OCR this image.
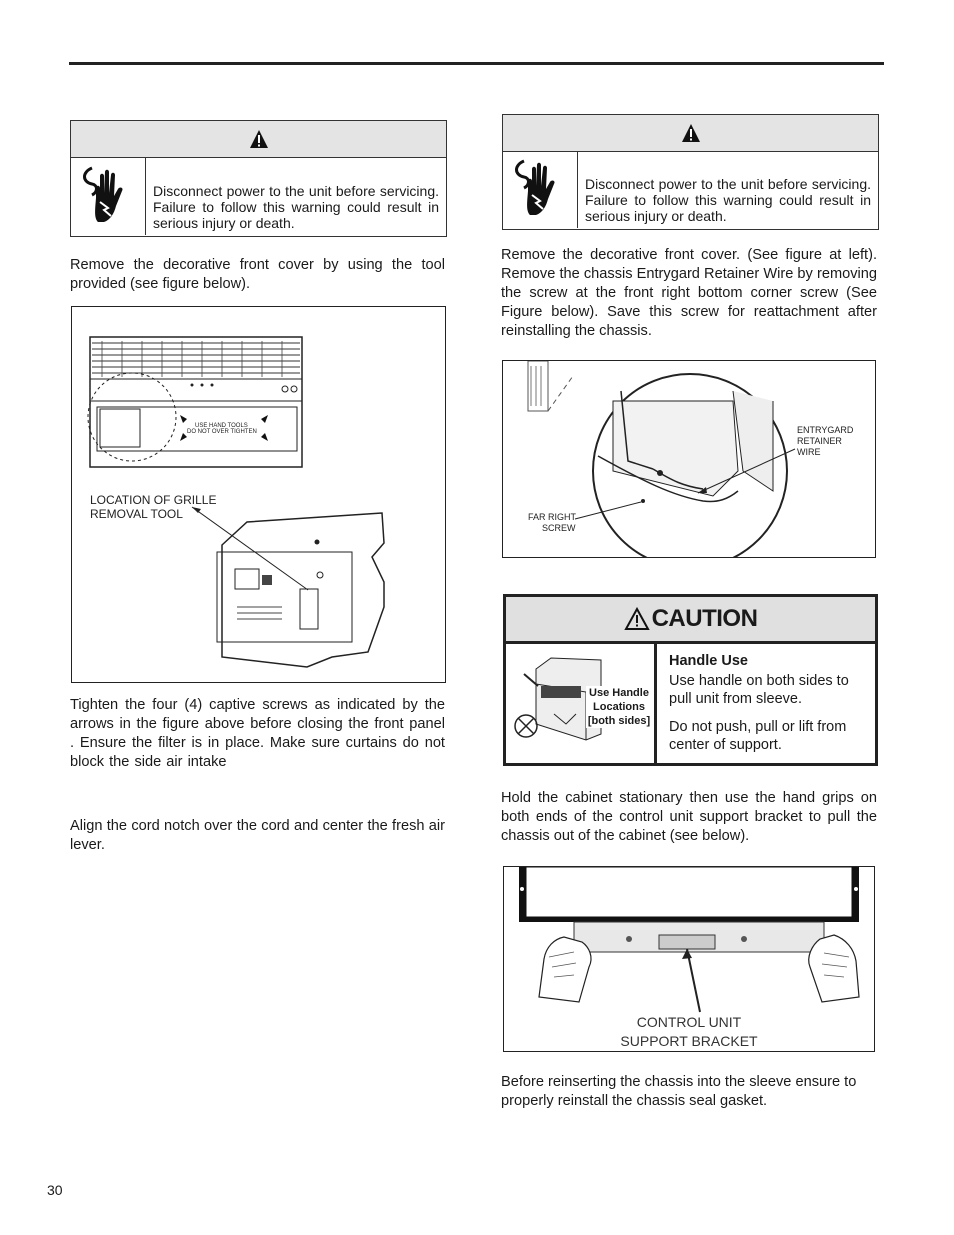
Disconnect power to the unit before servicing. Failure to follow this warning could result in serious injury or death.
Remove the decorative front cover by using the tool provided (see figure below).
USE HAND TOOLS
DO NOT OVER TIGHTEN
LOCATION OF GRILLE
REMOVAL TOOL
Tighten the four (4) captive screws as indicated by the arrows in the figure above before closing the front panel . Ensure the filter is in place. Make sure curtains do not block the side air intake
Align the cord notch over the cord and center the fresh air lever.
Disconnect power to the unit before servicing. Failure to follow this warning could result in serious injury or death.
Remove the decorative front cover. (See figure at left). Remove the chassis Entrygard Retainer Wire by removing the screw at the front right bottom corner screw (See Figure below). Save this screw for reattachment after reinstalling the chassis.
ENTRYGARD
RETAINER
WIRE
FAR RIGHT
SCREW
CAUTION
Use Handle Locations [both sides]
Handle Use
Use handle on both sides to pull unit from sleeve.
Do not push, pull or lift from center of support.
Hold the cabinet stationary then use the hand grips on both ends of the control unit support bracket to pull the chassis out of the cabinet (see below).
CONTROL UNIT
SUPPORT BRACKET
Before reinserting the chassis into the sleeve ensure to properly reinstall the chassis seal gasket.
30
